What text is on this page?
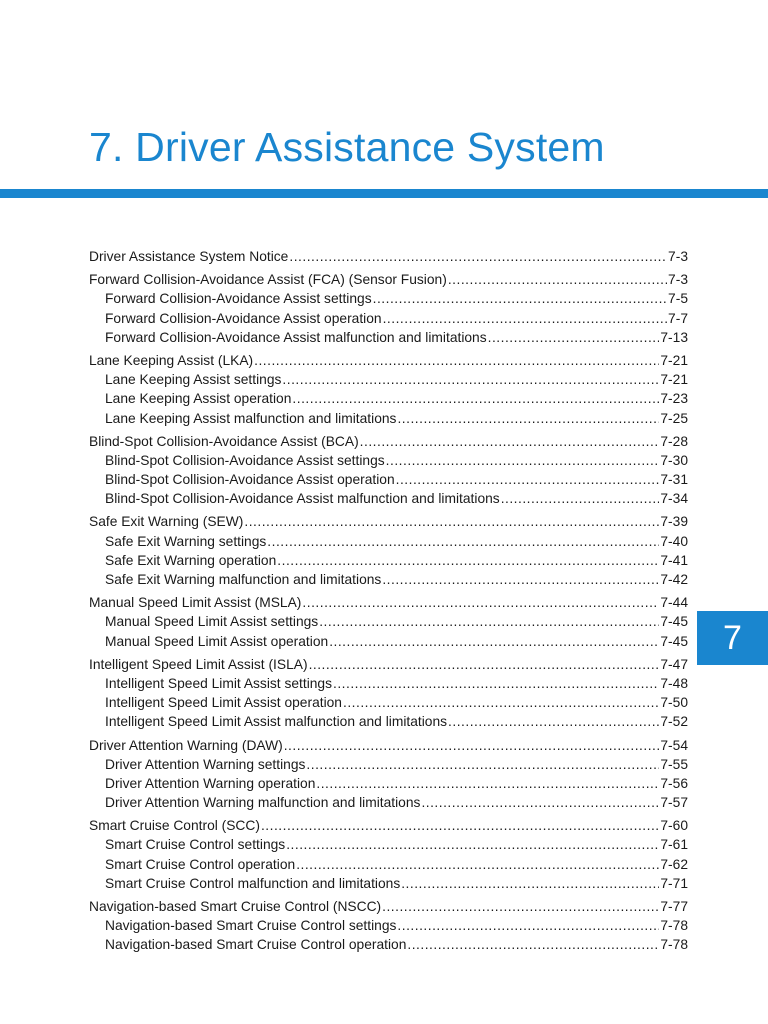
7. Driver Assistance System
7
Driver Assistance System Notice .....	7-3
Forward Collision-Avoidance Assist (FCA) (Sensor Fusion) .....	7-3
Forward Collision-Avoidance Assist settings .....	7-5
Forward Collision-Avoidance Assist operation .....	7-7
Forward Collision-Avoidance Assist malfunction and limitations .....	7-13
Lane Keeping Assist (LKA) .....	7-21
Lane Keeping Assist settings .....	7-21
Lane Keeping Assist operation .....	7-23
Lane Keeping Assist malfunction and limitations .....	7-25
Blind-Spot Collision-Avoidance Assist (BCA) .....	7-28
Blind-Spot Collision-Avoidance Assist settings .....	7-30
Blind-Spot Collision-Avoidance Assist operation .....	7-31
Blind-Spot Collision-Avoidance Assist malfunction and limitations .....	7-34
Safe Exit Warning (SEW) .....	7-39
Safe Exit Warning settings .....	7-40
Safe Exit Warning operation .....	7-41
Safe Exit Warning malfunction and limitations .....	7-42
Manual Speed Limit Assist (MSLA) .....	7-44
Manual Speed Limit Assist settings .....	7-45
Manual Speed Limit Assist operation .....	7-45
Intelligent Speed Limit Assist (ISLA) .....	7-47
Intelligent Speed Limit Assist settings .....	7-48
Intelligent Speed Limit Assist operation .....	7-50
Intelligent Speed Limit Assist malfunction and limitations .....	7-52
Driver Attention Warning (DAW) .....	7-54
Driver Attention Warning settings .....	7-55
Driver Attention Warning operation .....	7-56
Driver Attention Warning malfunction and limitations .....	7-57
Smart Cruise Control (SCC) .....	7-60
Smart Cruise Control settings .....	7-61
Smart Cruise Control operation .....	7-62
Smart Cruise Control malfunction and limitations .....	7-71
Navigation-based Smart Cruise Control (NSCC) .....	7-77
Navigation-based Smart Cruise Control settings .....	7-78
Navigation-based Smart Cruise Control operation .....	7-78
